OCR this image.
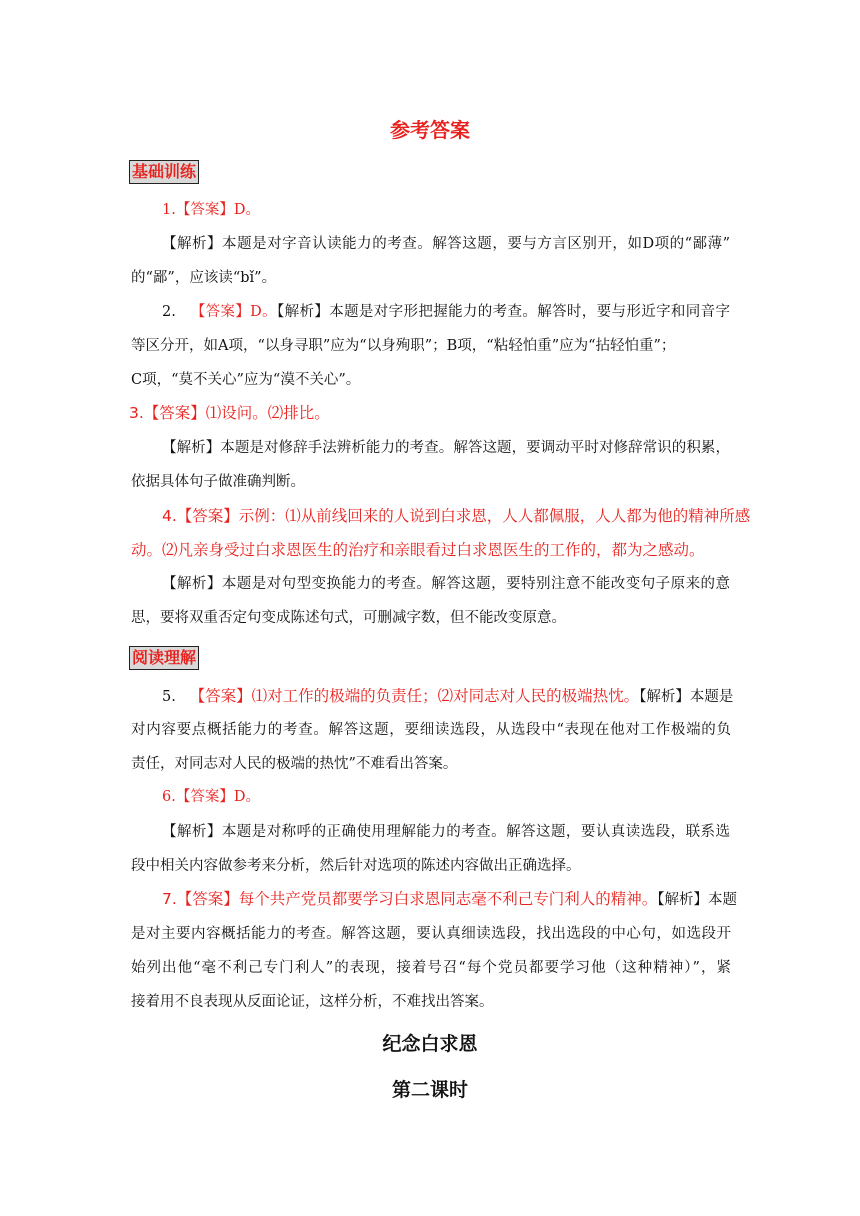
参考答案
基础训练
1.【答案】D。
【解析】本题是对字音认读能力的考查。解答这题，要与方言区别开，如D项的“鄙薄”
的“鄙”，应该读“bǐ”。
2. 【答案】D。【解析】本题是对字形把握能力的考查。解答时，要与形近字和同音字
等区分开，如A项，“以身寻职”应为“以身殉职”；B项，“粘轻怕重”应为“拈轻怕重”；
C项，“莫不关心”应为“漠不关心”。
3.【答案】⑴设问。⑵排比。
【解析】本题是对修辞手法辨析能力的考查。解答这题，要调动平时对修辞常识的积累，
依据具体句子做准确判断。
4.【答案】示例：⑴从前线回来的人说到白求恩，人人都佩服，人人都为他的精神所感
动。⑵凡亲身受过白求恩医生的治疗和亲眼看过白求恩医生的工作的，都为之感动。
【解析】本题是对句型变换能力的考查。解答这题，要特别注意不能改变句子原来的意
思，要将双重否定句变成陈述句式，可删减字数，但不能改变原意。
阅读理解
5. 【答案】⑴对工作的极端的负责任；⑵对同志对人民的极端热忱。【解析】本题是
对内容要点概括能力的考查。解答这题，要细读选段，从选段中“表现在他对工作极端的负
责任，对同志对人民的极端的热忱”不难看出答案。
6.【答案】D。
【解析】本题是对称呼的正确使用理解能力的考查。解答这题，要认真读选段，联系选
段中相关内容做参考来分析，然后针对选项的陈述内容做出正确选择。
7.【答案】每个共产党员都要学习白求恩同志毫不利己专门利人的精神。【解析】本题
是对主要内容概括能力的考查。解答这题，要认真细读选段，找出选段的中心句，如选段开
始列出他“毫不利己专门利人”的表现，接着号召“每个党员都要学习他（这种精神）”，紧
接着用不良表现从反面论证，这样分析，不难找出答案。
纪念白求恩
第二课时
